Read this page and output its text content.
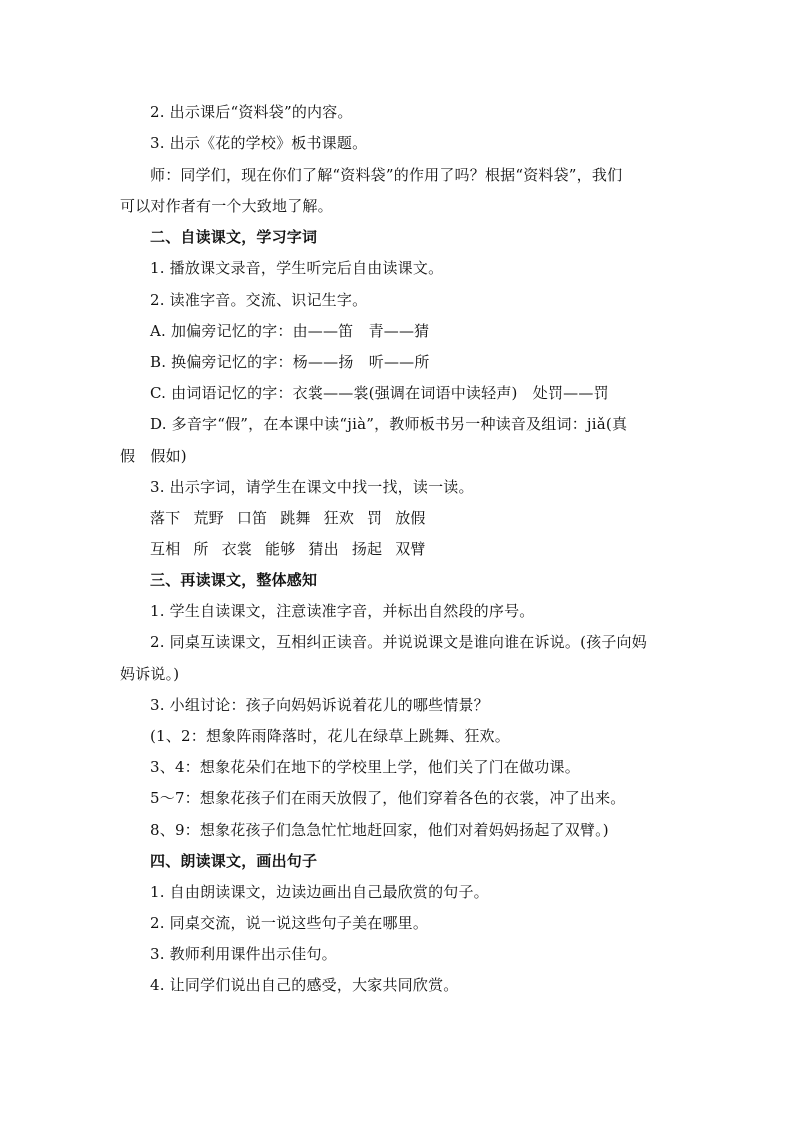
2. 出示课后“资料袋”的内容。
3. 出示《花的学校》板书课题。
师：同学们，现在你们了解“资料袋”的作用了吗？根据“资料袋”，我们
可以对作者有一个大致地了解。
二、自读课文，学习字词
1. 播放课文录音，学生听完后自由读课文。
2. 读准字音。交流、识记生字。
A. 加偏旁记忆的字：由——笛　青——猜
B. 换偏旁记忆的字：杨——扬　听——所
C. 由词语记忆的字：衣裳——裳(强调在词语中读轻声)　处罚——罚
D. 多音字“假”，在本课中读“jià”，教师板书另一种读音及组词：jiǎ(真
假　假如)
3. 出示字词，请学生在课文中找一找，读一读。
落下 荒野 口笛 跳舞 狂欢 罚 放假
互相 所 衣裳 能够 猜出 扬起 双臂
三、再读课文，整体感知
1. 学生自读课文，注意读准字音，并标出自然段的序号。
2. 同桌互读课文，互相纠正读音。并说说课文是谁向谁在诉说。(孩子向妈
妈诉说。)
3. 小组讨论：孩子向妈妈诉说着花儿的哪些情景？
(1、2：想象阵雨降落时，花儿在绿草上跳舞、狂欢。
3、4：想象花朵们在地下的学校里上学，他们关了门在做功课。
5～7：想象花孩子们在雨天放假了，他们穿着各色的衣裳，冲了出来。
8、9：想象花孩子们急急忙忙地赶回家，他们对着妈妈扬起了双臂。)
四、朗读课文，画出句子
1. 自由朗读课文，边读边画出自己最欣赏的句子。
2. 同桌交流，说一说这些句子美在哪里。
3. 教师利用课件出示佳句。
4. 让同学们说出自己的感受，大家共同欣赏。
